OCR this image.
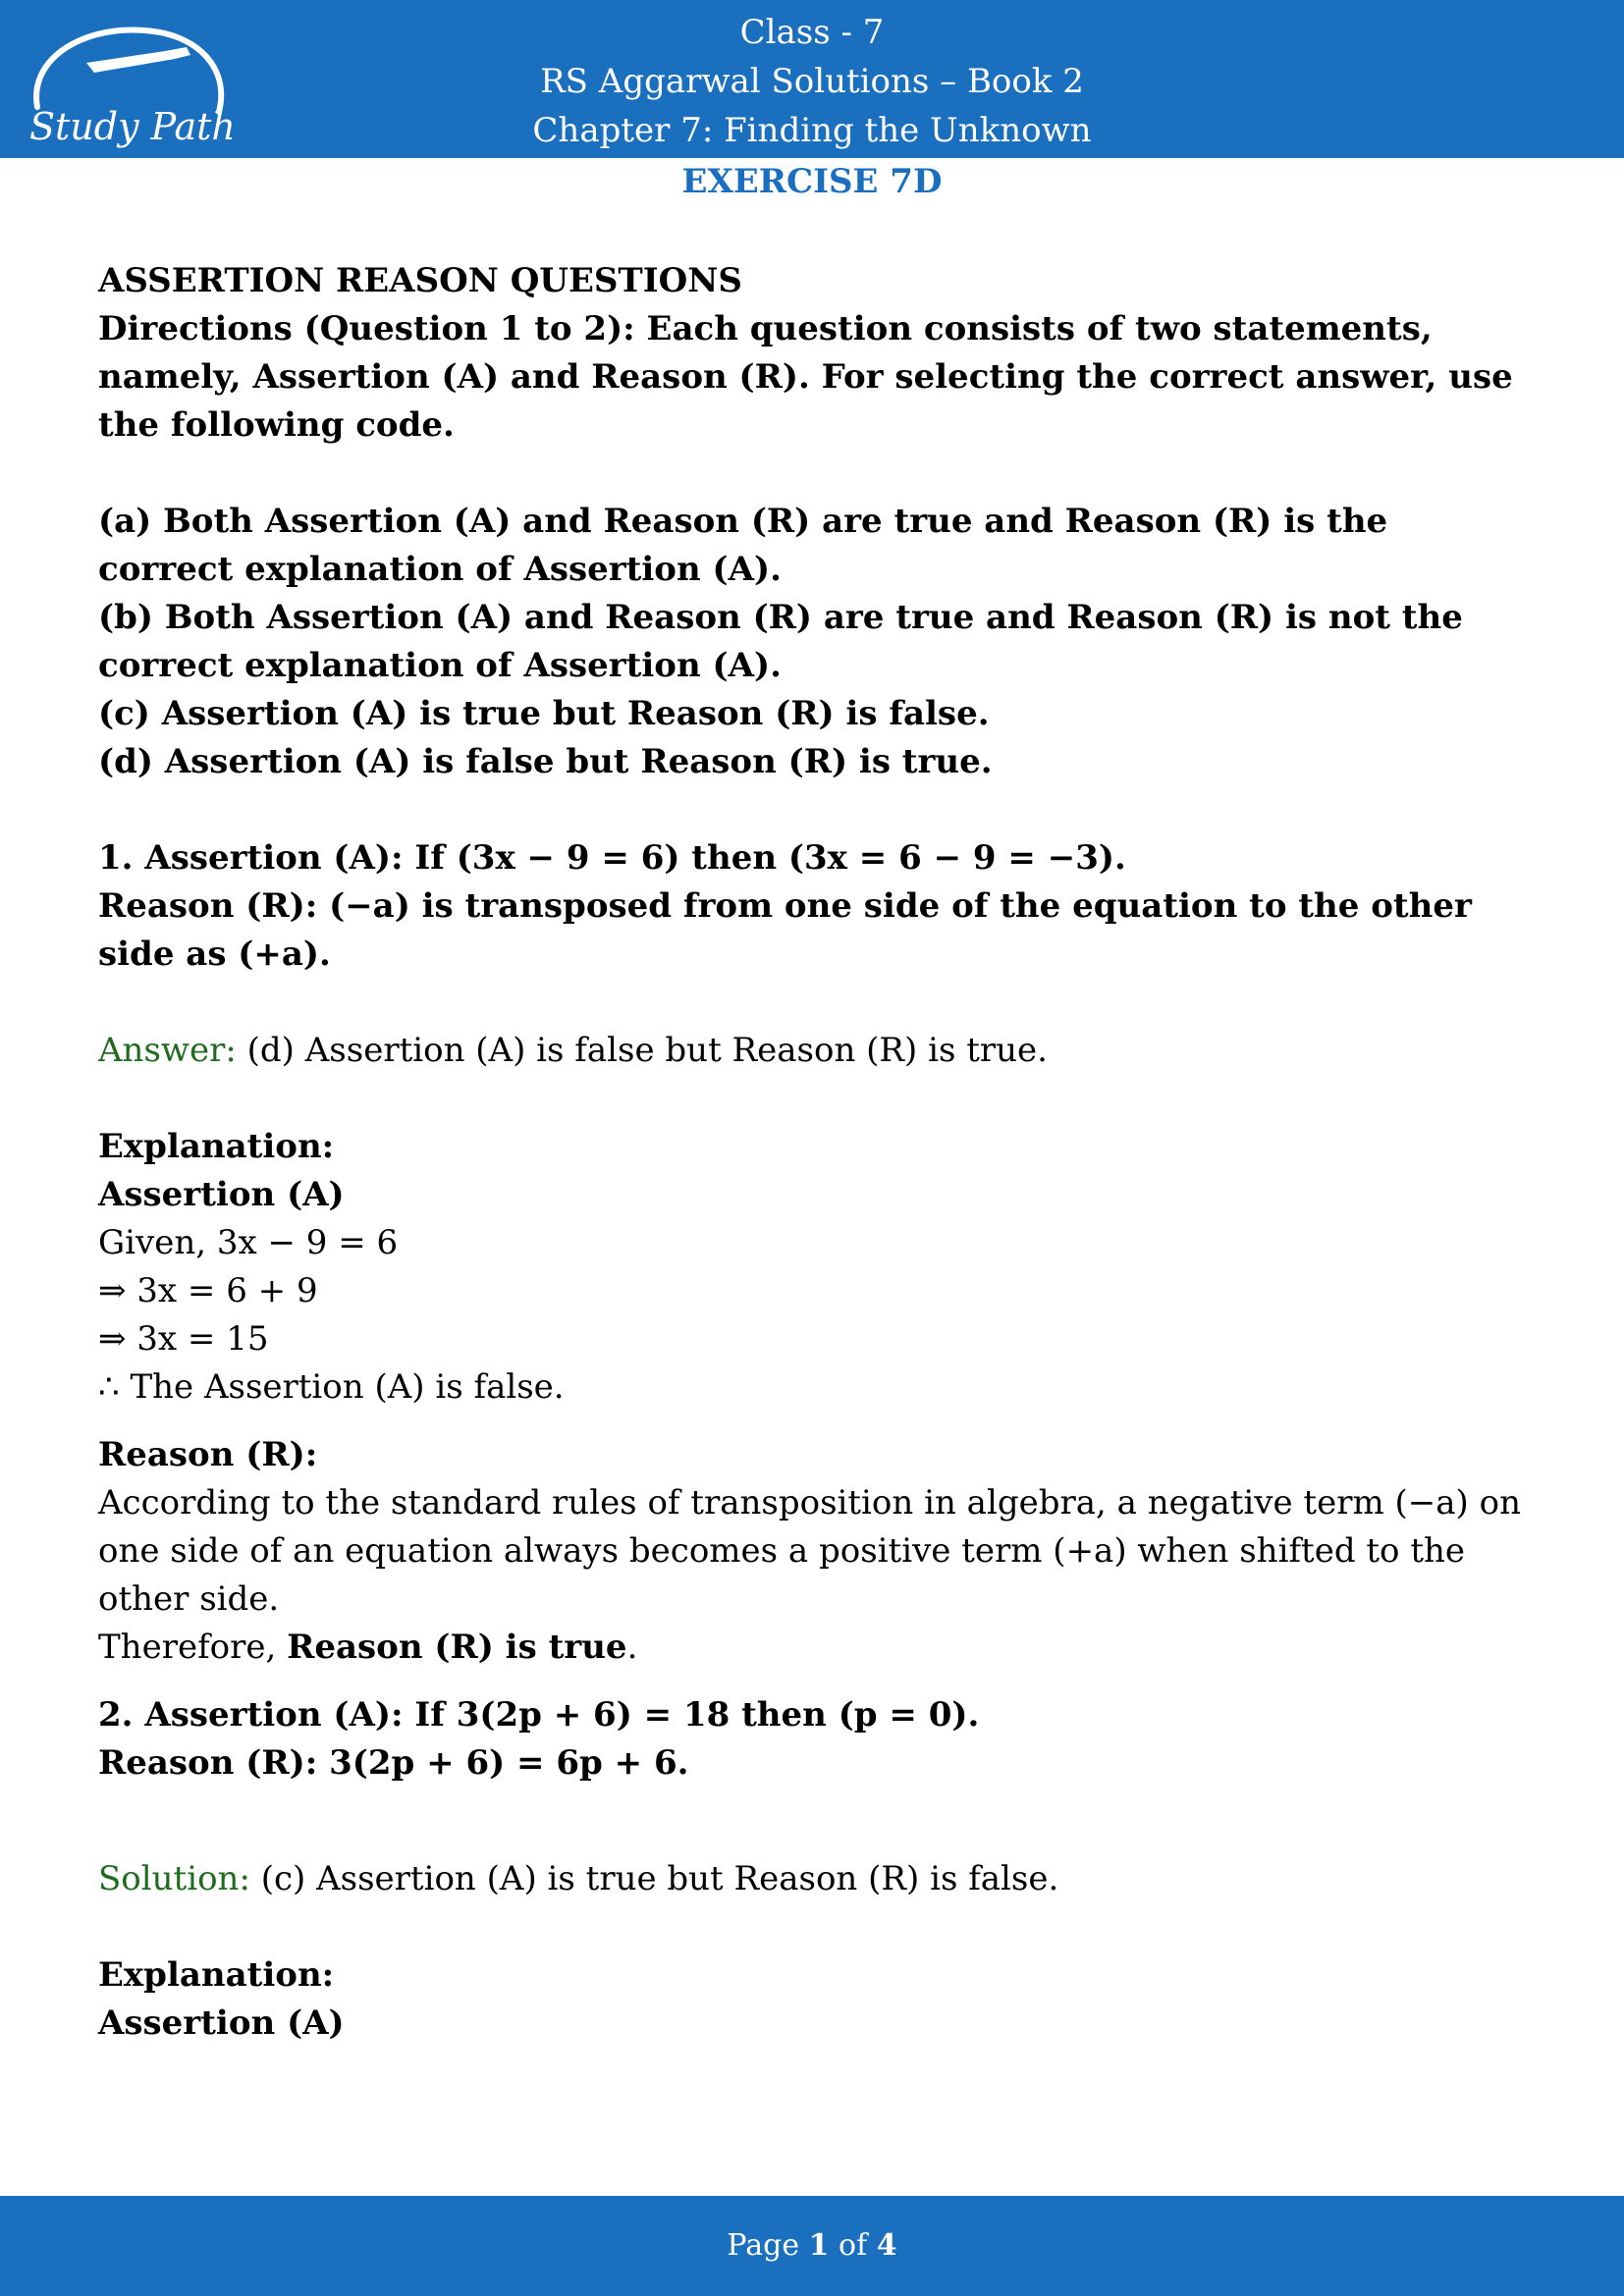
Study Path
Class - 7
RS Aggarwal Solutions – Book 2
Chapter 7: Finding the Unknown
EXERCISE 7D

ASSERTION REASON QUESTIONS

Directions (Question 1 to 2): Each question consists of two statements, namely, Assertion (A) and Reason (R). For selecting the correct answer, use the following code.

(a) Both Assertion (A) and Reason (R) are true and Reason (R) is the correct explanation of Assertion (A).

(b) Both Assertion (A) and Reason (R) are true and Reason (R) is not the correct explanation of Assertion (A).

(c) Assertion (A) is true but Reason (R) is false.

(d) Assertion (A) is false but Reason (R) is true.

1. Assertion (A): If (3x − 9 = 6) then (3x = 6 − 9 = −3).

Reason (R): (−a) is transposed from one side of the equation to the other side as (+a).

Answer: (d) Assertion (A) is false but Reason (R) is true.

Explanation:

Assertion (A)

Given, 3x − 9 = 6

⇒ 3x = 6 + 9

⇒ 3x = 15

∴ The Assertion (A) is false.

Reason (R):

According to the standard rules of transposition in algebra, a negative term (−a) on one side of an equation always becomes a positive term (+a) when shifted to the other side.

Therefore, Reason (R) is true.

2. Assertion (A): If 3(2p + 6) = 18 then (p = 0).

Reason (R): 3(2p + 6) = 6p + 6.

Solution: (c) Assertion (A) is true but Reason (R) is false.

Explanation:

Assertion (A)

Page 1 of 4
